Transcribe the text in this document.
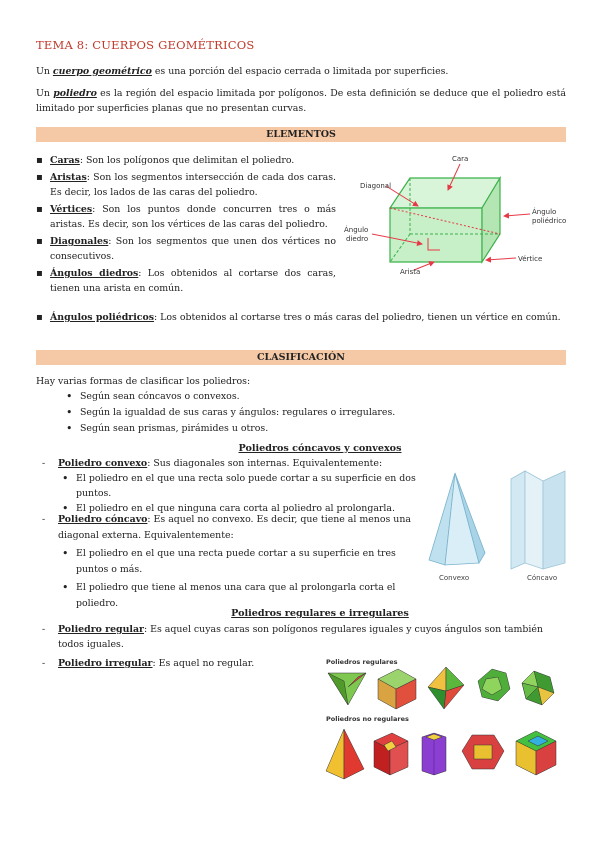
TEMA 8: CUERPOS GEOMÉTRICOS
Un cuerpo geométrico es una porción del espacio cerrada o limitada por superficies.
Un poliedro es la región del espacio limitada por polígonos. De esta definición se deduce que el poliedro está limitado por superficies planas que no presentan curvas.
ELEMENTOS
▪ Caras: Son los polígonos que delimitan el poliedro.
▪ Aristas: Son los segmentos intersección de cada dos caras. Es decir, los lados de las caras del poliedro.
▪ Vértices: Son los puntos donde concurren tres o más aristas. Es decir, son los vértices de las caras del poliedro.
▪ Diagonales: Son los segmentos que unen dos vértices no consecutivos.
▪ Ángulos diedros: Los obtenidos al cortarse dos caras, tienen una arista en común.
▪ Ángulos poliédricos: Los obtenidos al cortarse tres o más caras del poliedro, tienen un vértice en común.
Cara
Diagonal
Ángulo
poliédrico
Ángulo
diedro
Arista
Vértice
CLASIFICACIÓN
Hay varias formas de clasificar los poliedros:
• Según sean cóncavos o convexos.
• Según la igualdad de sus caras y ángulos: regulares o irregulares.
• Según sean prismas, pirámides u otros.
Poliedros cóncavos y convexos
- Poliedro convexo: Sus diagonales son internas. Equivalentemente:
• El poliedro en el que una recta solo puede cortar a su superficie en dos puntos.
• El poliedro en el que ninguna cara corta al poliedro al prolongarla.
- Poliedro cóncavo: Es aquel no convexo. Es decir, que tiene al menos una diagonal externa. Equivalentemente:
• El poliedro en el que una recta puede cortar a su superficie en tres puntos o más.
• El poliedro que tiene al menos una cara que al prolongarla corta el poliedro.
Convexo	Cóncavo
Poliedros regulares e irregulares
- Poliedro regular: Es aquel cuyas caras son polígonos regulares iguales y cuyos ángulos son también todos iguales.
- Poliedro irregular: Es aquel no regular.	Poliedros regulares
Poliedros no regulares
